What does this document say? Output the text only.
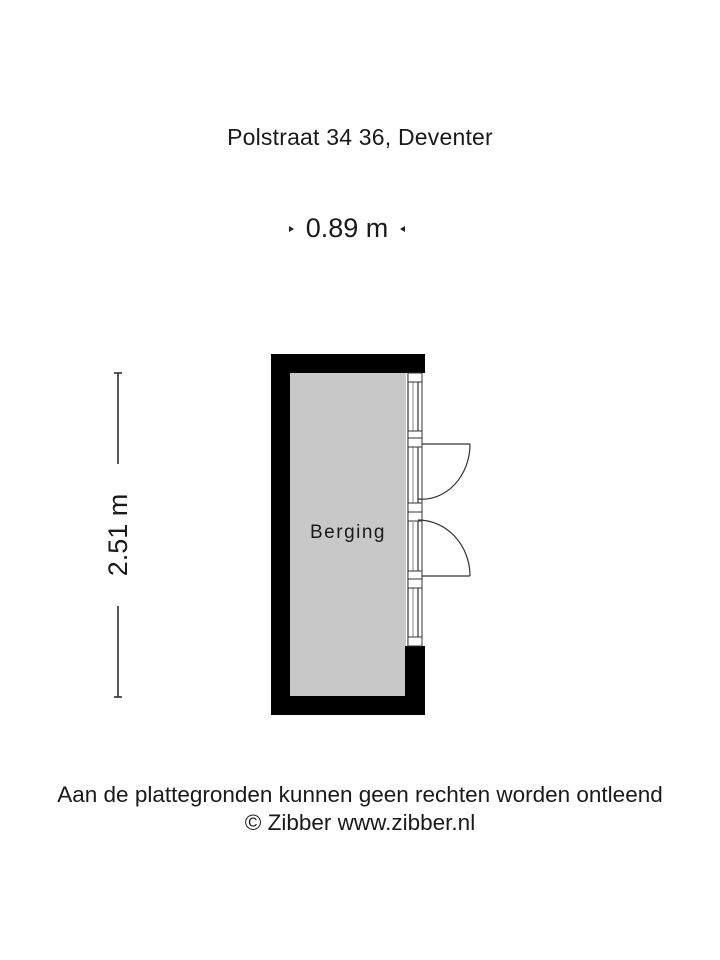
Polstraat 34 36, Deventer
0.89 m
2.51 m	Berging
Aan de plattegronden kunnen geen rechten worden ontleend
© Zibber www.zibber.nl
